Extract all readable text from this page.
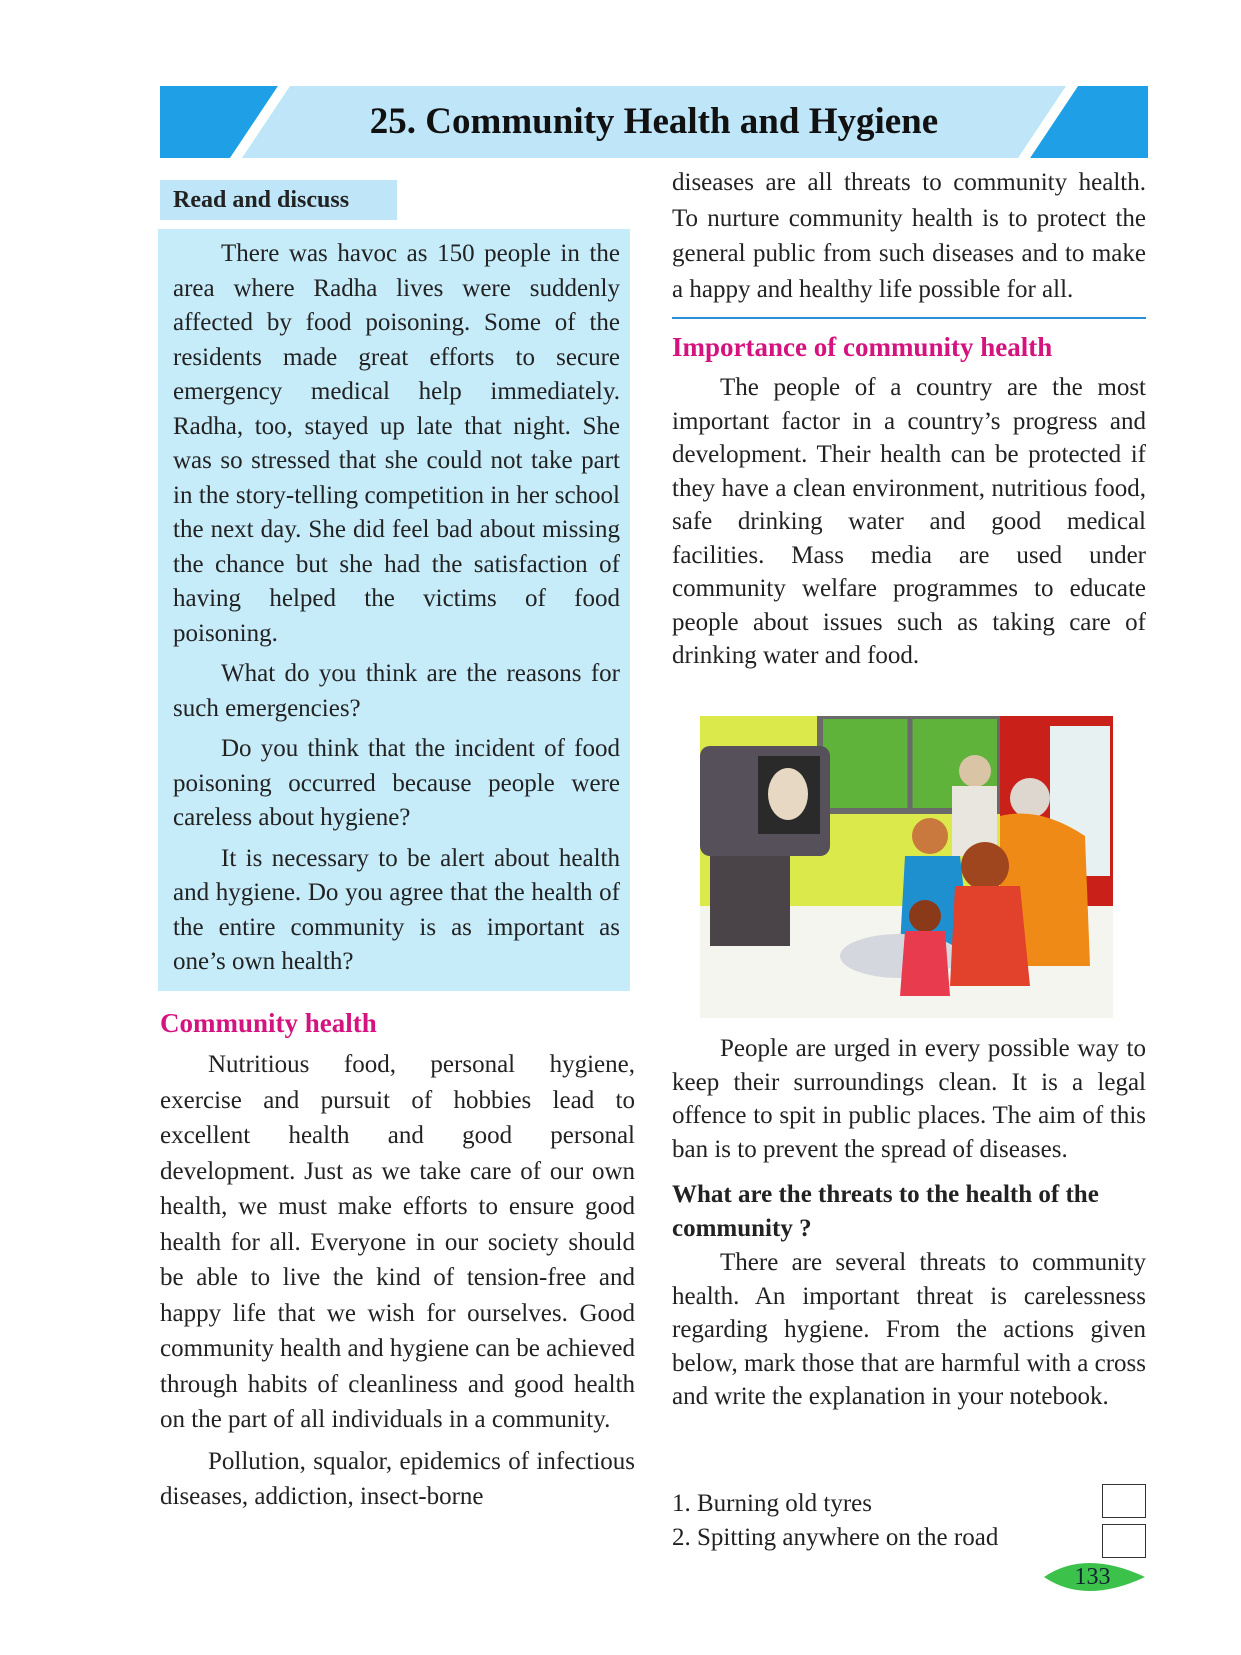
25. Community Health and Hygiene
Read and discuss

There was havoc as 150 people in the area where Radha lives were suddenly affected by food poisoning. Some of the residents made great efforts to secure emergency medical help immediately. Radha, too, stayed up late that night. She was so stressed that she could not take part in the story-telling competition in her school the next day. She did feel bad about missing the chance but she had the satisfaction of having helped the victims of food poisoning.

What do you think are the reasons for such emergencies?

Do you think that the incident of food poisoning occurred because people were careless about hygiene?

It is necessary to be alert about health and hygiene. Do you agree that the health of the entire community is as important as one’s own health?

Community health

Nutritious food, personal hygiene, exercise and pursuit of hobbies lead to excellent health and good personal development. Just as we take care of our own health, we must make efforts to ensure good health for all. Everyone in our society should be able to live the kind of tension-free and happy life that we wish for ourselves. Good community health and hygiene can be achieved through habits of cleanliness and good health on the part of all individuals in a community.

Pollution, squalor, epidemics of infectious diseases, addiction, insect-borne

diseases are all threats to community health. To nurture community health is to protect the general public from such diseases and to make a happy and healthy life possible for all.

Importance of community health

The people of a country are the most important factor in a country’s progress and development. Their health can be protected if they have a clean environment, nutritious food, safe drinking water and good medical facilities. Mass media are used under community welfare programmes to educate people about issues such as taking care of drinking water and food.

People are urged in every possible way to keep their surroundings clean. It is a legal offence to spit in public places. The aim of this ban is to prevent the spread of diseases.

What are the threats to the health of the community ?

There are several threats to community health. An important threat is carelessness regarding hygiene. From the actions given below, mark those that are harmful with a cross and write the explanation in your notebook.

1. Burning old tyres
2. Spitting anywhere on the road
133
